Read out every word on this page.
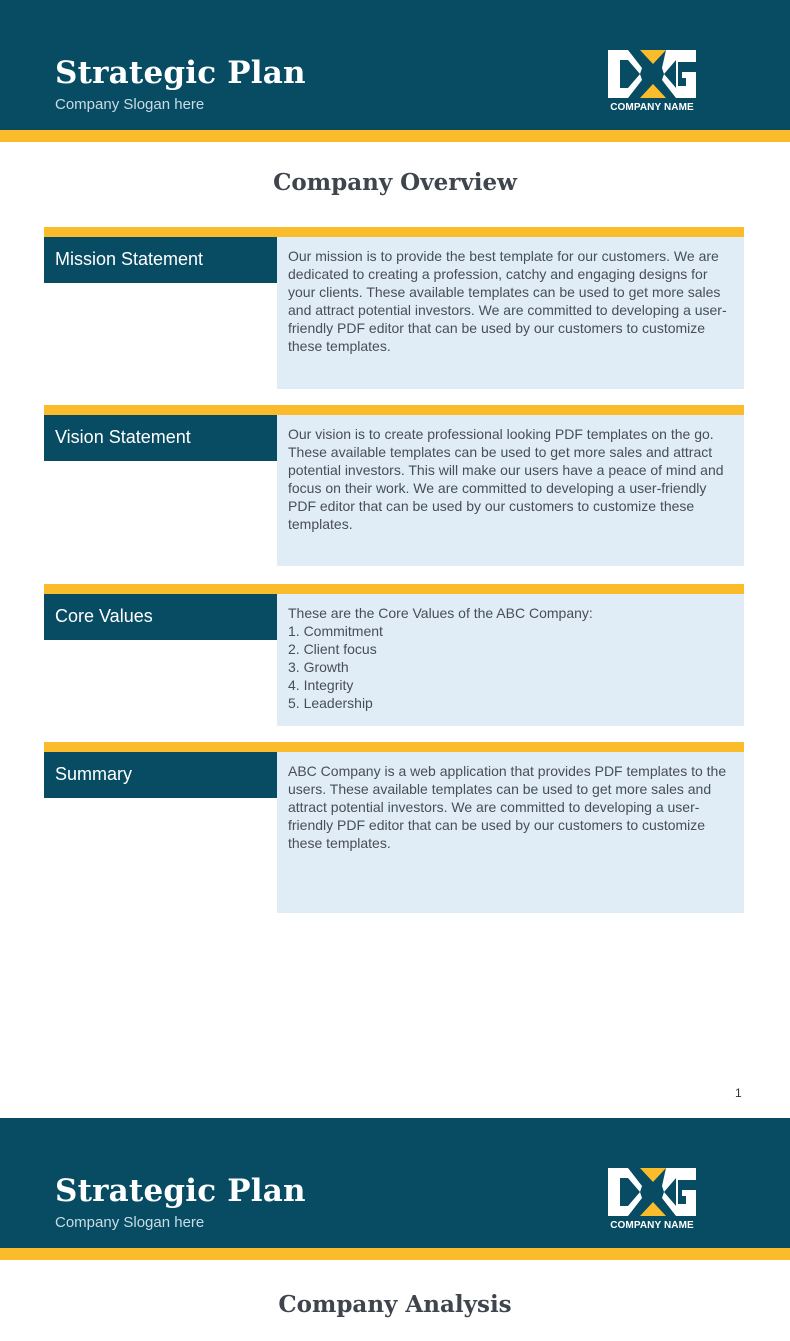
Strategic Plan
Company Slogan here	COMPANY NAME
Company Overview
Mission Statement	Our mission is to provide the best template for our customers. We are dedicated to creating a profession, catchy and engaging designs for your clients. These available templates can be used to get more sales and attract potential investors. We are committed to developing a user-friendly PDF editor that can be used by our customers to customize these templates.
Vision Statement	Our vision is to create professional looking PDF templates on the go. These available templates can be used to get more sales and attract potential investors. This will make our users have a peace of mind and focus on their work. We are committed to developing a user-friendly PDF editor that can be used by our customers to customize these templates.
Core Values	These are the Core Values of the ABC Company:
1. Commitment
2. Client focus
3. Growth
4. Integrity
5. Leadership
Summary	ABC Company is a web application that provides PDF templates to the users. These available templates can be used to get more sales and attract potential investors. We are committed to developing a user-friendly PDF editor that can be used by our customers to customize these templates.
1
Strategic Plan
Company Slogan here	COMPANY NAME
Company Analysis
